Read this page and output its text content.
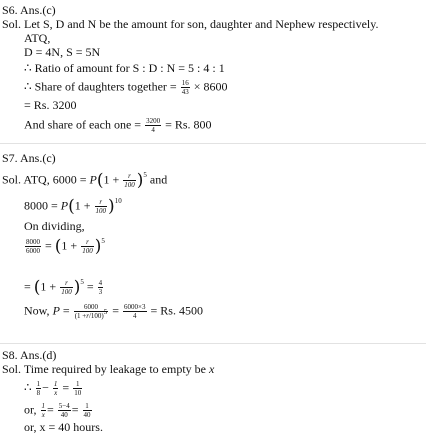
S6. Ans.(c)
Sol. Let S, D and N be the amount for son, daughter and Nephew respectively.
ATQ,
D = 4N, S = 5N
∴ Ratio of amount for S : D : N = 5 : 4 : 1
∴ Share of daughters together = $\frac{16}{43} \times 8600$
= Rs. 3200
And share of each one = $\frac{3200}{4} = Rs$. 800
S7. Ans.(c)
Sol. ATQ, $6000 = P(1 + \frac{r}{100} )^5$ and
$8000 = P(1 + \frac{r}{100} )^{10}$
On dividing,
$\frac{8000}{6000} = (1 + \frac{r}{100} )^5$
= $(1 + \frac{r}{100} )^5 = \frac{4}{3}$
Now, $P = \frac{6000}{(1 +r/100)^5} = \frac{6000\times 3}{4} = Rs$. 4500
S8. Ans.(d)
Sol. Time required by leakage to empty be x
∴ $\frac{1}{8} - \frac{1}{x} = \frac{1}{10}$
or, $\frac{1}{x} = \frac{5-4}{40} = \frac{1}{40}$
or, x = 40 hours.
